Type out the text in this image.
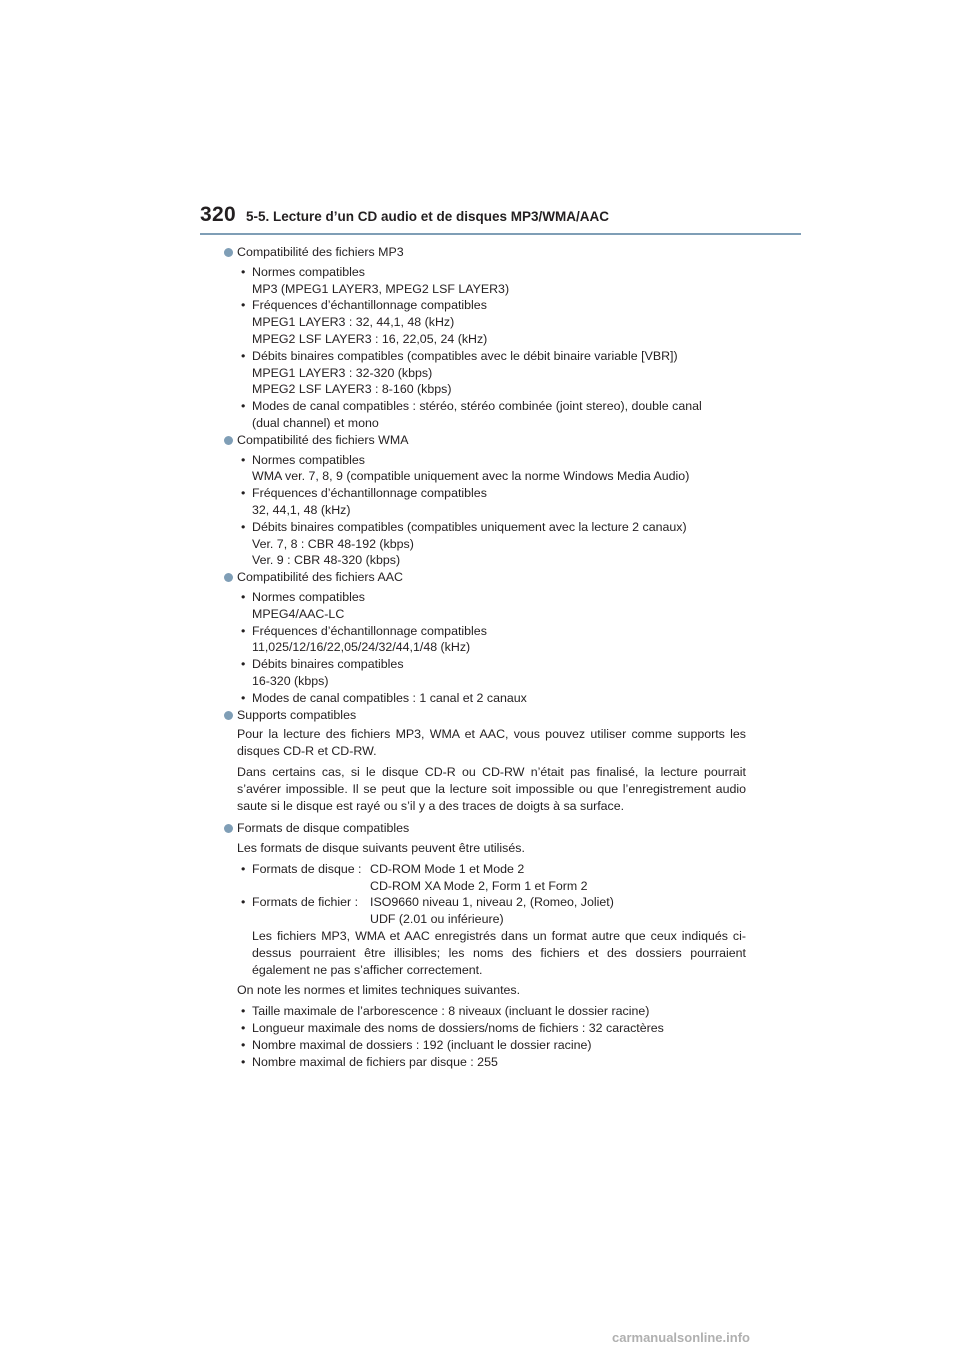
320 5-5. Lecture d’un CD audio et de disques MP3/WMA/AAC
Compatibilité des fichiers MP3
• Normes compatibles
MP3 (MPEG1 LAYER3, MPEG2 LSF LAYER3)
• Fréquences d’échantillonnage compatibles
MPEG1 LAYER3 : 32, 44,1, 48 (kHz)
MPEG2 LSF LAYER3 : 16, 22,05, 24 (kHz)
• Débits binaires compatibles (compatibles avec le débit binaire variable [VBR])
MPEG1 LAYER3 : 32-320 (kbps)
MPEG2 LSF LAYER3 : 8-160 (kbps)
• Modes de canal compatibles : stéréo, stéréo combinée (joint stereo), double canal
(dual channel) et mono
Compatibilité des fichiers WMA
• Normes compatibles
WMA ver. 7, 8, 9 (compatible uniquement avec la norme Windows Media Audio)
• Fréquences d’échantillonnage compatibles
32, 44,1, 48 (kHz)
• Débits binaires compatibles (compatibles uniquement avec la lecture 2 canaux)
Ver. 7, 8 : CBR 48-192 (kbps)
Ver. 9 : CBR 48-320 (kbps)
Compatibilité des fichiers AAC
• Normes compatibles
MPEG4/AAC-LC
• Fréquences d’échantillonnage compatibles
11,025/12/16/22,05/24/32/44,1/48 (kHz)
• Débits binaires compatibles
16-320 (kbps)
• Modes de canal compatibles : 1 canal et 2 canaux
Supports compatibles
Pour la lecture des fichiers MP3, WMA et AAC, vous pouvez utiliser comme supports les disques CD-R et CD-RW.
Dans certains cas, si le disque CD-R ou CD-RW n’était pas finalisé, la lecture pourrait s’avérer impossible. Il se peut que la lecture soit impossible ou que l’enregistrement audio saute si le disque est rayé ou s’il y a des traces de doigts à sa surface.
Formats de disque compatibles
Les formats de disque suivants peuvent être utilisés.
• Formats de disque : CD-ROM Mode 1 et Mode 2
CD-ROM XA Mode 2, Form 1 et Form 2
• Formats de fichier : ISO9660 niveau 1, niveau 2, (Romeo, Joliet)
UDF (2.01 ou inférieure)
Les fichiers MP3, WMA et AAC enregistrés dans un format autre que ceux indiqués ci-dessus pourraient être illisibles; les noms des fichiers et des dossiers pourraient également ne pas s’afficher correctement.
On note les normes et limites techniques suivantes.
• Taille maximale de l’arborescence : 8 niveaux (incluant le dossier racine)
• Longueur maximale des noms de dossiers/noms de fichiers : 32 caractères
• Nombre maximal de dossiers : 192 (incluant le dossier racine)
• Nombre maximal de fichiers par disque : 255
carmanualsonline.info
